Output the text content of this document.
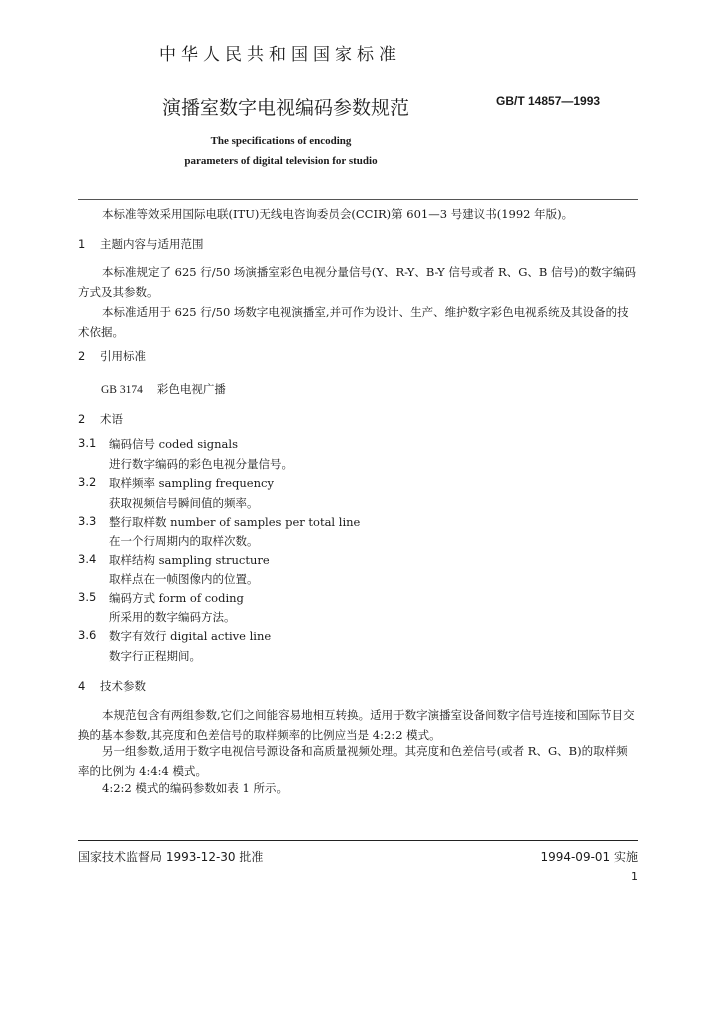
中华人民共和国国家标准
演播室数字电视编码参数规范	GB/T 14857—1993
The specifications of encoding
parameters of digital television for studio
本标准等效采用国际电联(ITU)无线电咨询委员会(CCIR)第 601—3 号建议书(1992 年版)。
1 主题内容与适用范围
本标准规定了 625 行/50 场演播室彩色电视分量信号(Y、R-Y、B-Y 信号或者 R、G、B 信号)的数字编码方式及其参数。
本标准适用于 625 行/50 场数字电视演播室,并可作为设计、生产、维护数字彩色电视系统及其设备的技术依据。
2 引用标准
GB 3174 彩色电视广播
2 术语
3.1 编码信号 coded signals
进行数字编码的彩色电视分量信号。
3.2 取样频率 sampling frequency
获取视频信号瞬间值的频率。
3.3 整行取样数 number of samples per total line
在一个行周期内的取样次数。
3.4 取样结构 sampling structure
取样点在一帧图像内的位置。
3.5 编码方式 form of coding
所采用的数字编码方法。
3.6 数字有效行 digital active line
数字行正程期间。
4 技术参数
本规范包含有两组参数,它们之间能容易地相互转换。适用于数字演播室设备间数字信号连接和国际节目交换的基本参数,其亮度和色差信号的取样频率的比例应当是 4:2:2 模式。
另一组参数,适用于数字电视信号源设备和高质量视频处理。其亮度和色差信号(或者 R、G、B)的取样频率的比例为 4:4:4 模式。
4:2:2 模式的编码参数如表 1 所示。
国家技术监督局 1993-12-30 批准	1994-09-01 实施
1
